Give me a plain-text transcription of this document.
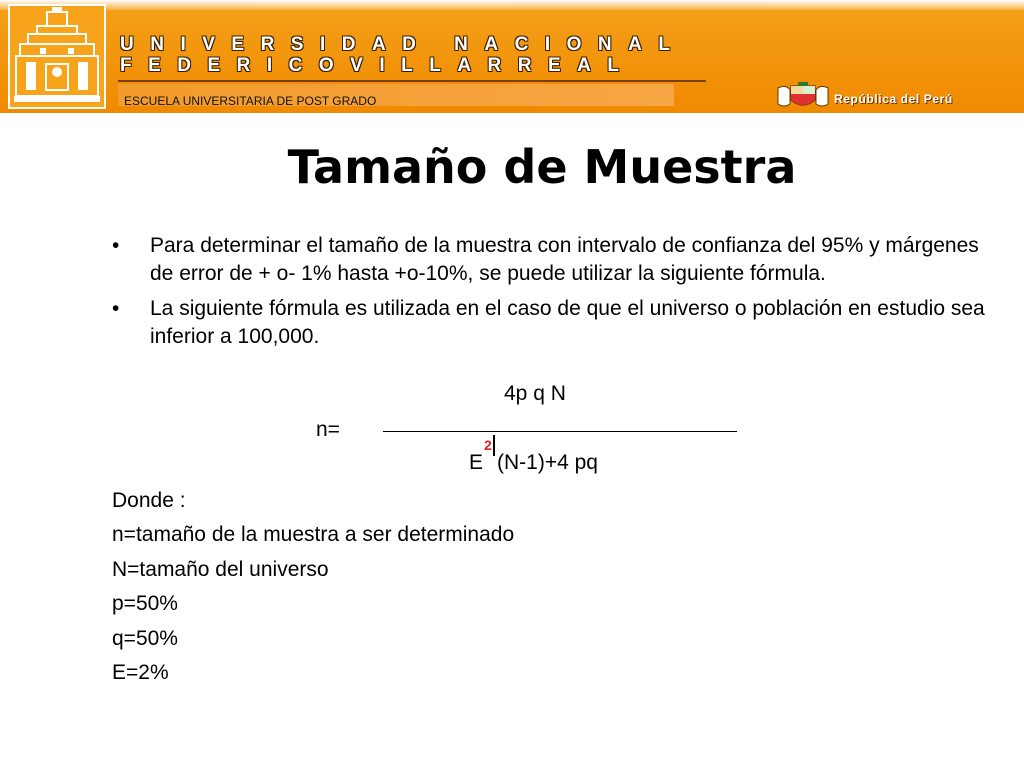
UNIVERSIDAD NACIONAL
FEDERICOVILLARREAL
ESCUELA UNIVERSITARIA DE POST GRADO	República del Perú
Tamaño de Muestra
• Para determinar el tamaño de la muestra con intervalo de confianza del 95% y márgenes de error de + o- 1% hasta +o-10%, se puede utilizar la siguiente fórmula.
• La siguiente fórmula es utilizada en el caso de que el universo o población en estudio sea inferior a 100,000.
4p q N
n=
2
E (N-1)+4 pq
Donde :
n=tamaño de la muestra a ser determinado
N=tamaño del universo
p=50%
q=50%
E=2%
